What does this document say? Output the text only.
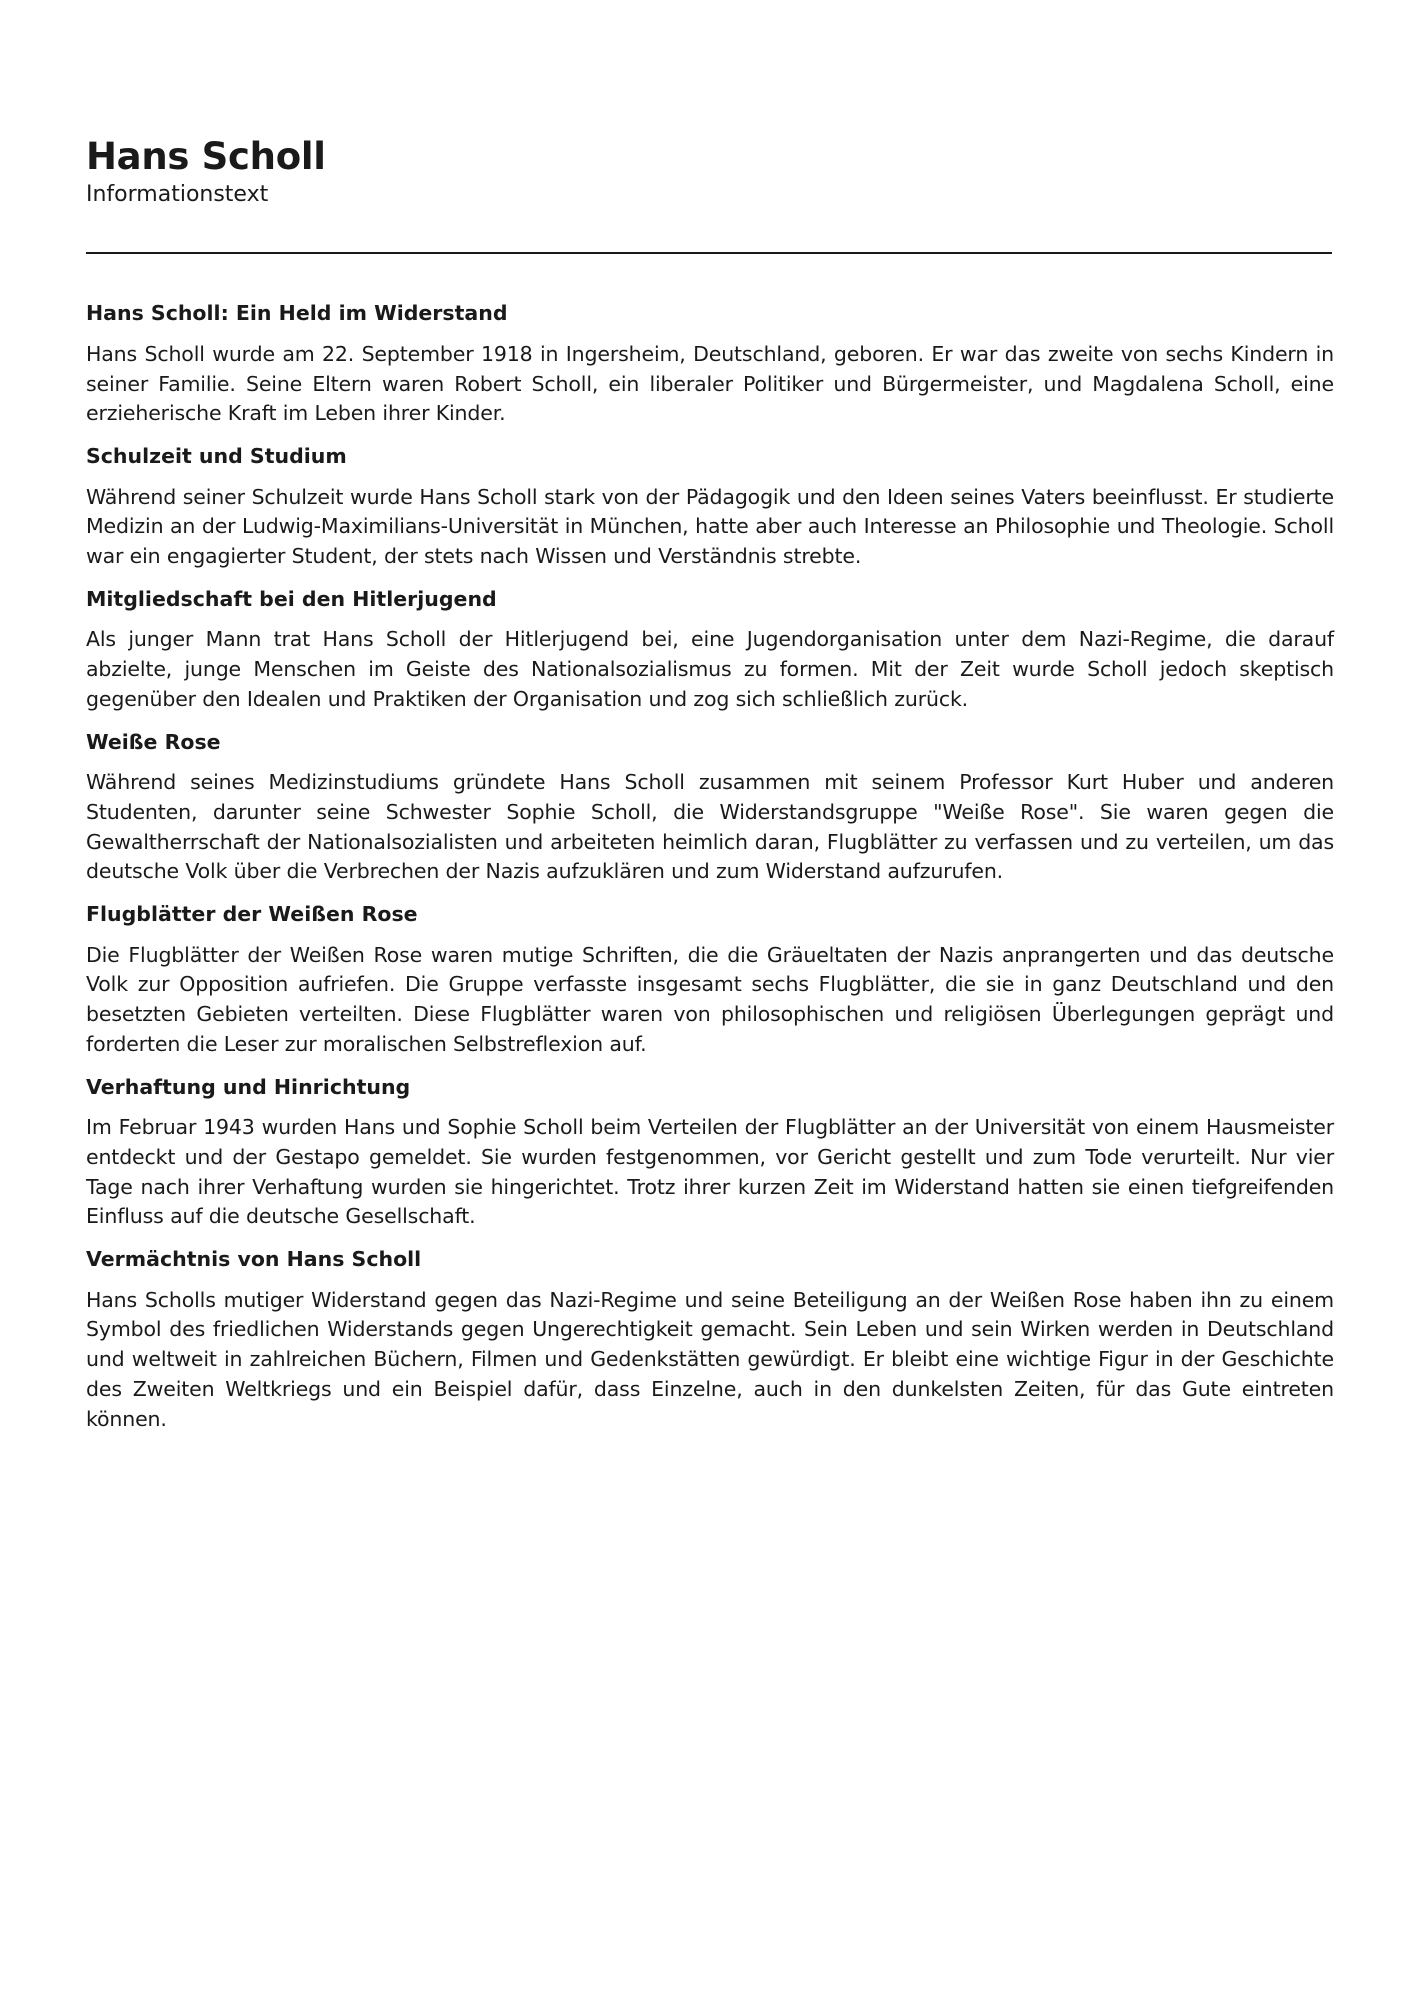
Hans Scholl
Informationstext
Hans Scholl: Ein Held im Widerstand

Hans Scholl wurde am 22. September 1918 in Ingersheim, Deutschland, geboren. Er war das zweite von sechs Kindern in seiner Familie. Seine Eltern waren Robert Scholl, ein liberaler Politiker und Bürgermeister, und Magdalena Scholl, eine erzieherische Kraft im Leben ihrer Kinder.

Schulzeit und Studium

Während seiner Schulzeit wurde Hans Scholl stark von der Pädagogik und den Ideen seines Vaters beeinflusst. Er studierte Medizin an der Ludwig-Maximilians-Universität in München, hatte aber auch Interesse an Philosophie und Theologie. Scholl war ein engagierter Student, der stets nach Wissen und Verständnis strebte.

Mitgliedschaft bei den Hitlerjugend

Als junger Mann trat Hans Scholl der Hitlerjugend bei, eine Jugendorganisation unter dem Nazi-Regime, die darauf abzielte, junge Menschen im Geiste des Nationalsozialismus zu formen. Mit der Zeit wurde Scholl jedoch skeptisch gegenüber den Idealen und Praktiken der Organisation und zog sich schließlich zurück.

Weiße Rose

Während seines Medizinstudiums gründete Hans Scholl zusammen mit seinem Professor Kurt Huber und anderen Studenten, darunter seine Schwester Sophie Scholl, die Widerstandsgruppe "Weiße Rose". Sie waren gegen die Gewaltherrschaft der Nationalsozialisten und arbeiteten heimlich daran, Flugblätter zu verfassen und zu verteilen, um das deutsche Volk über die Verbrechen der Nazis aufzuklären und zum Widerstand aufzurufen.

Flugblätter der Weißen Rose

Die Flugblätter der Weißen Rose waren mutige Schriften, die die Gräueltaten der Nazis anprangerten und das deutsche Volk zur Opposition aufriefen. Die Gruppe verfasste insgesamt sechs Flugblätter, die sie in ganz Deutschland und den besetzten Gebieten verteilten. Diese Flugblätter waren von philosophischen und religiösen Überlegungen geprägt und forderten die Leser zur moralischen Selbstreflexion auf.

Verhaftung und Hinrichtung

Im Februar 1943 wurden Hans und Sophie Scholl beim Verteilen der Flugblätter an der Universität von einem Hausmeister entdeckt und der Gestapo gemeldet. Sie wurden festgenommen, vor Gericht gestellt und zum Tode verurteilt. Nur vier Tage nach ihrer Verhaftung wurden sie hingerichtet. Trotz ihrer kurzen Zeit im Widerstand hatten sie einen tiefgreifenden Einfluss auf die deutsche Gesellschaft.

Vermächtnis von Hans Scholl

Hans Scholls mutiger Widerstand gegen das Nazi-Regime und seine Beteiligung an der Weißen Rose haben ihn zu einem Symbol des friedlichen Widerstands gegen Ungerechtigkeit gemacht. Sein Leben und sein Wirken werden in Deutschland und weltweit in zahlreichen Büchern, Filmen und Gedenkstätten gewürdigt. Er bleibt eine wichtige Figur in der Geschichte des Zweiten Weltkriegs und ein Beispiel dafür, dass Einzelne, auch in den dunkelsten Zeiten, für das Gute eintreten können.
